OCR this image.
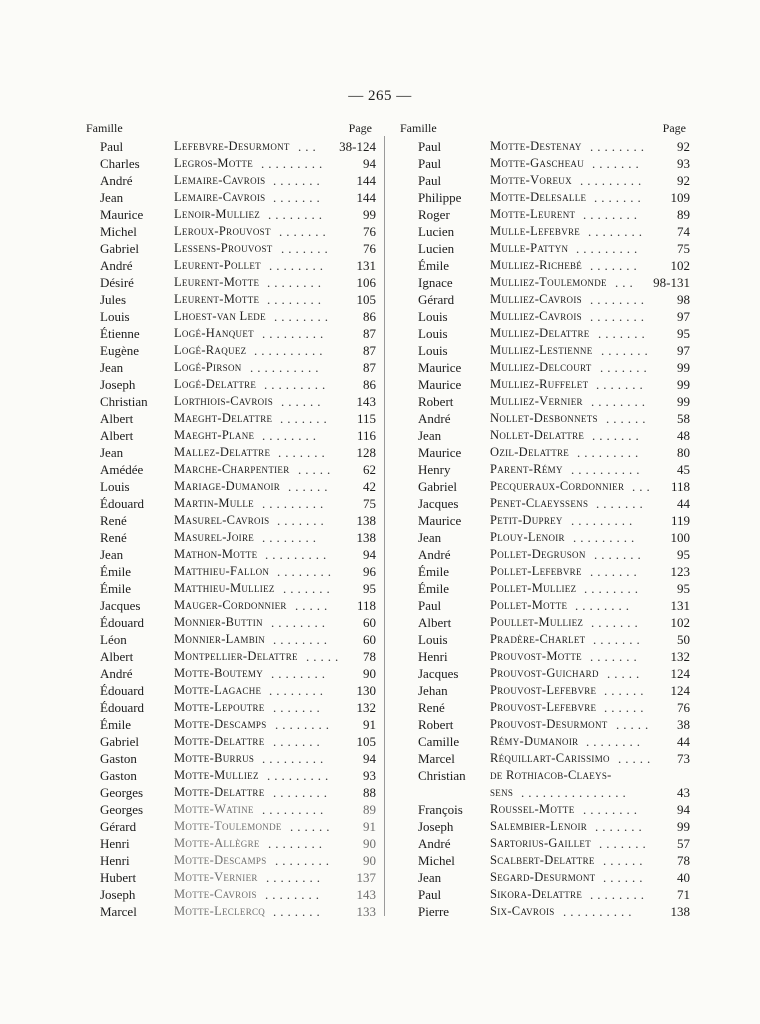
— 265 —
Famille	Page
Paul	Lefebvre-Desurmont	38-124
...
Charles	Legros-Motte	94
.........
André	Lemaire-Cavrois	144
.......
Jean	Lemaire-Cavrois	144
.......
Maurice Lenoir-Mulliez	99
........
Michel	Leroux-Prouvost	76
.......
Gabriel	Lessens-Prouvost	76
.......
André	Leurent-Pollet	131
........
Désiré	Leurent-Motte	106
........
Jules	Leurent-Motte	105
........
Louis	Lhoest-van Lede	86
........
Étienne	Logé-Hanquet	87
.........
Eugène	Logé-Raquez	87
..........
Jean	Logé-Pirson	87
..........
Joseph	Logé-Delattre	86
.........
Christian Lorthiois-Cavrois	143
......
Albert	Maeght-Delattre	115
.......
Albert	Maeght-Plane	116
........
Jean	Mallez-Delattre	128
.......
Amédée Marche-Charpentier	62
.....
Louis	Mariage-Dumanoir	42
......
Édouard Martin-Mulle	75
.........
René	Masurel-Cavrois	138
.......
René	Masurel-Joire	138
........
Jean	Mathon-Motte	94
.........
Émile	Matthieu-Fallon	96
........
Émile	Matthieu-Mulliez	95
.......
Jacques	Mauger-Cordonnier	118
.....
Édouard Monnier-Buttin	60
........
Léon	Monnier-Lambin	60
........
Albert	Montpellier-Delattre	78
.....
André	Motte-Boutemy	90
........
Édouard Motte-Lagache	130
........
Édouard Motte-Lepoutre	132
.......
Émile	Motte-Descamps	91
........
Gabriel	Motte-Delattre	105
.......
Gaston	Motte-Burrus	94
.........
Gaston	Motte-Mulliez	93
.........
Georges Motte-Delattre	88
........
Georges Motte-Watine	89
.........
Gérard	Motte-Toulemonde	91
......
Henri	Motte-Allègre	90
........
Henri	Motte-Descamps	90
........
Hubert	Motte-Vernier	137
........
Joseph	Motte-Cavrois	143
........
Marcel	Motte-Leclercq	133
.......
Famille	Page
Paul	Motte-Destenay	92
........
Paul	Motte-Gascheau	93
.......
Paul	Motte-Voreux	92
.........
Philippe Motte-Delesalle	109
.......
Roger	Motte-Leurent	89
........
Lucien	Mulle-Lefebvre	74
........
Lucien	Mulle-Pattyn	75
.........
Émile	Mulliez-Richebé	102
.......
Ignace	Mulliez-Toulemonde	98-131
...
Gérard	Mulliez-Cavrois	98
........
Louis	Mulliez-Cavrois	97
........
Louis	Mulliez-Delattre	95
.......
Louis	Mulliez-Lestienne	97
.......
Maurice Mulliez-Delcourt	99
.......
Maurice Mulliez-Ruffelet	99
.......
Robert	Mulliez-Vernier	99
........
André	Nollet-Desbonnets	58
......
Jean	Nollet-Delattre	48
.......
Maurice Ozil-Delattre	80
.........
Henry	Parent-Rémy	45
..........
Gabriel	Pecqueraux-Cordonnier	118
...
Jacques	Penet-Claeyssens	44
.......
Maurice Petit-Duprey	119
.........
Jean	Plouy-Lenoir	100
.........
André	Pollet-Degruson	95
.......
Émile	Pollet-Lefebvre	123
.......
Émile	Pollet-Mulliez	95
........
Paul	Pollet-Motte	131
........
Albert	Poullet-Mulliez	102
.......
Louis	Pradère-Charlet	50
.......
Henri	Prouvost-Motte	132
.......
Jacques	Prouvost-Guichard	124
.....
Jehan	Prouvost-Lefebvre	124
......
René	Prouvost-Lefebvre	76
......
Robert	Prouvost-Desurmont	38
.....
Camille Rémy-Dumanoir	44
........
Marcel	Réquillart-Carissimo	73
.....
Christian de Rothiacob-Claeys-
sens	43
...............
François Roussel-Motte	94
........
Joseph	Salembier-Lenoir	99
.......
André	Sartorius-Gaillet	57
.......
Michel	Scalbert-Delattre	78
......
Jean	Segard-Desurmont	40
......
Paul	Sikora-Delattre	71
........
Pierre	Six-Cavrois	138
..........
